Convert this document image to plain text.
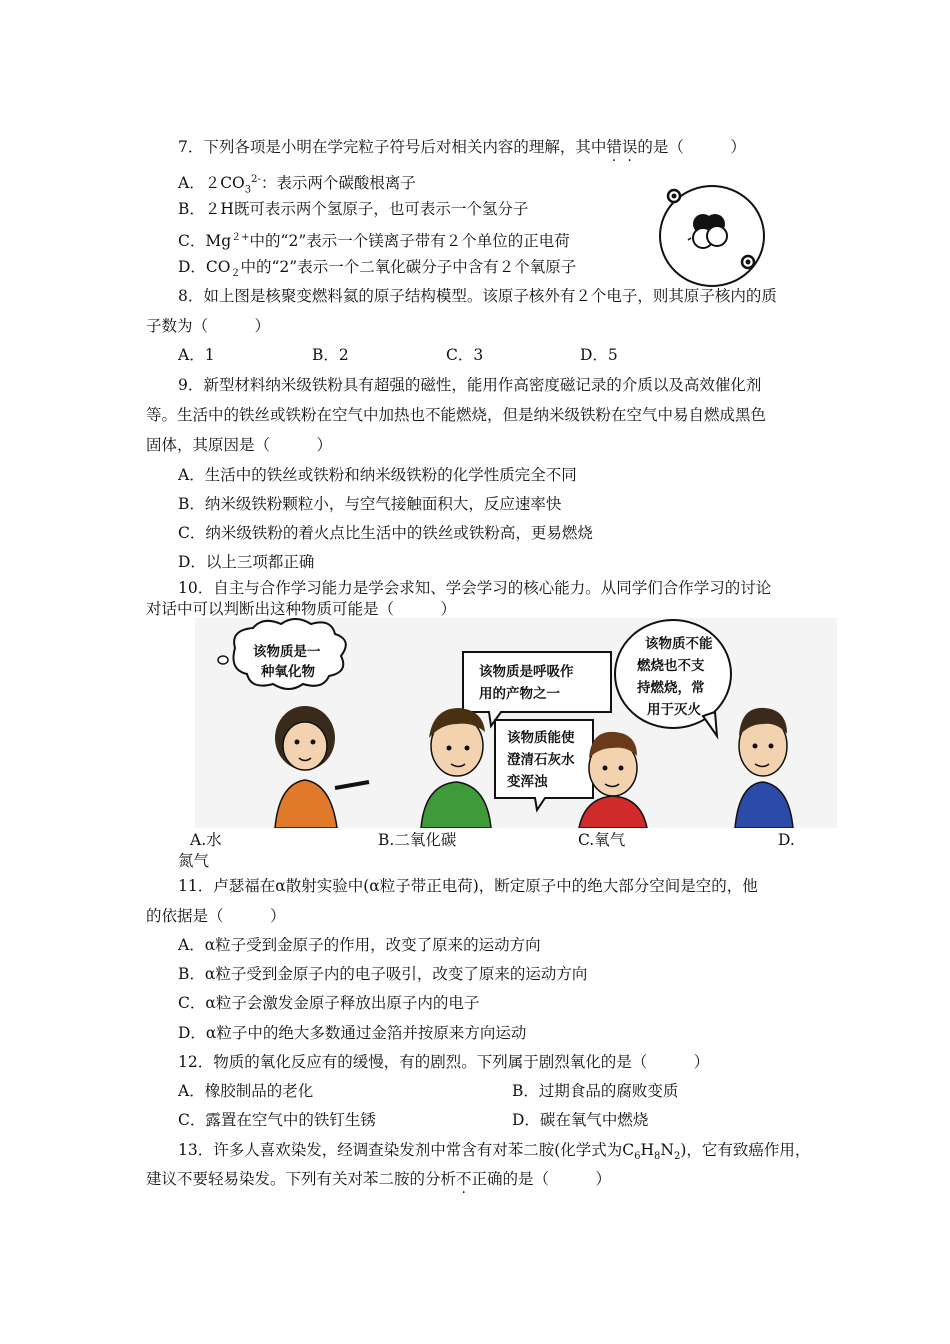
7．下列各项是小明在学完粒子符号后对相关内容的理解，其中错误的是（　　　）
A．$2CO_3^{2-}$：表示两个碳酸根离子
B．２H既可表示两个氢原子，也可表示一个氢分子
C．$Mg^{2+}$中的“2”表示一个镁离子带有２个单位的正电荷
D．$CO_2$中的“2”表示一个二氧化碳分子中含有２个氧原子
8．如上图是核聚变燃料氦的原子结构模型。该原子核外有２个电子，则其原子核内的质
子数为（　　　）
A．1	B．2	C．3	D．5
9．新型材料纳米级铁粉具有超强的磁性，能用作高密度磁记录的介质以及高效催化剂
等。生活中的铁丝或铁粉在空气中加热也不能燃烧，但是纳米级铁粉在空气中易自燃成黑色
固体，其原因是（　　　）
A．生活中的铁丝或铁粉和纳米级铁粉的化学性质完全不同
B．纳米级铁粉颗粒小，与空气接触面积大，反应速率快
C．纳米级铁粉的着火点比生活中的铁丝或铁粉高，更易燃烧
D．以上三项都正确
10．自主与合作学习能力是学会求知、学会学习的核心能力。从同学们合作学习的讨论
对话中可以判断出这种物质可能是（　　　）
该物质是一
种氧化物	该物质是呼吸作
用的产物之一
该物质能使
澄清石灰水
变浑浊
该物质不能
燃烧也不支
持燃烧，常
用于灭火
A.水	B.二氧化碳	C.氧气	D.
氮气
11．卢瑟福在α散射实验中(α粒子带正电荷)，断定原子中的绝大部分空间是空的，他
的依据是（　　　）
A．α粒子受到金原子的作用，改变了原来的运动方向
B．α粒子受到金原子内的电子吸引，改变了原来的运动方向
C．α粒子会激发金原子释放出原子内的电子
D．α粒子中的绝大多数通过金箔并按原来方向运动
12．物质的氧化反应有的缓慢，有的剧烈。下列属于剧烈氧化的是（　　　）
A．橡胶制品的老化	B．过期食品的腐败变质
C．露置在空气中的铁钉生锈	D．碳在氧气中燃烧
13．许多人喜欢染发，经调查染发剂中常含有对苯二胺(化学式为$C_6H_8N_2$)，它有致癌作用，
建议不要轻易染发。下列有关对苯二胺的分析不正确的是（　　　）
